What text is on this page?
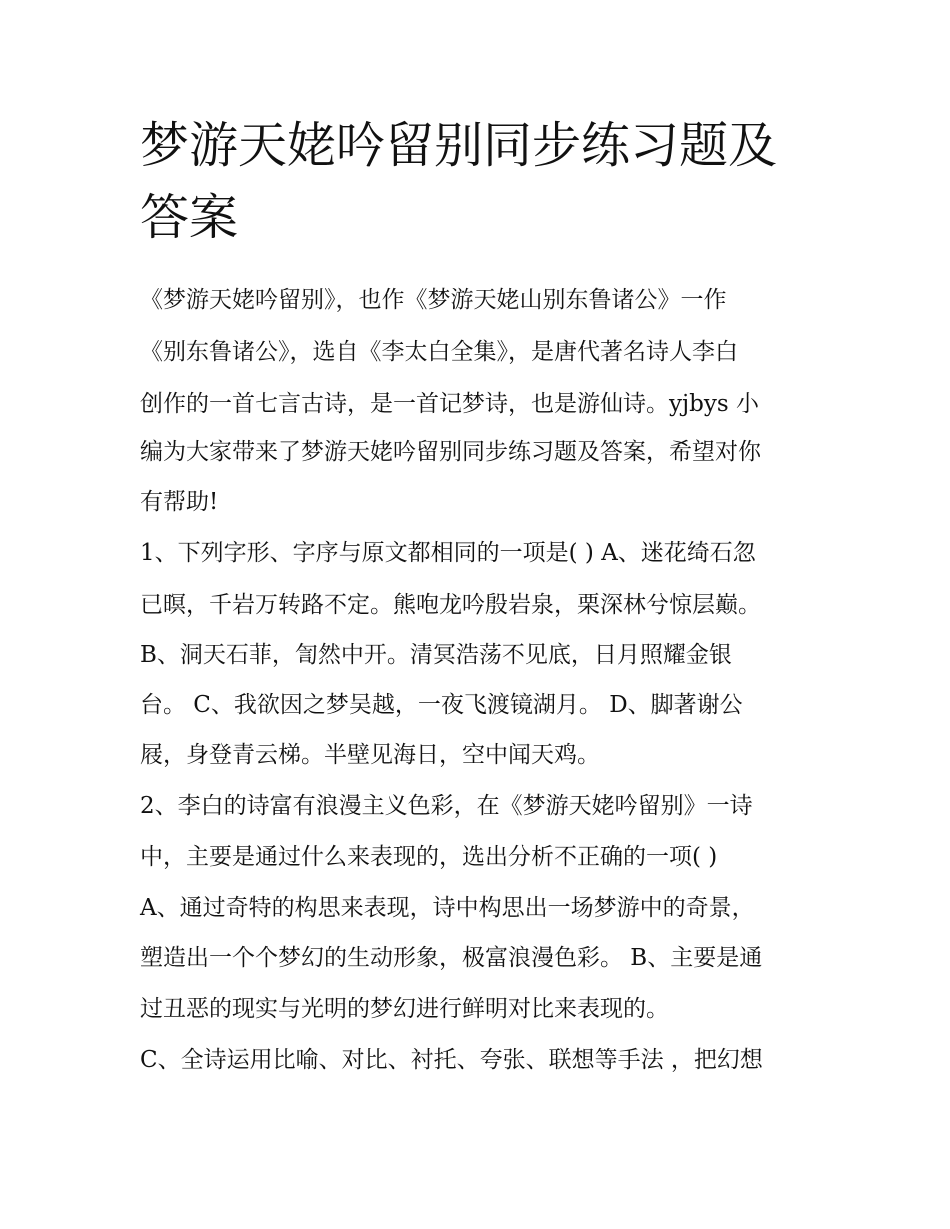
梦游天姥吟留别同步练习题及
答案

《梦游天姥吟留别》，也作《梦游天姥山别东鲁诸公》一作

《别东鲁诸公》，选自《李太白全集》，是唐代著名诗人李白

创作的一首七言古诗，是一首记梦诗，也是游仙诗。yjbys 小

编为大家带来了梦游天姥吟留别同步练习题及答案，希望对你

有帮助!

1、下列字形、字序与原文都相同的一项是( ) A、迷花绮石忽

已暝，千岩万转路不定。熊咆龙吟殷岩泉，栗深林兮惊层巅。

B、洞天石菲，訇然中开。清冥浩荡不见底，日月照耀金银

台。 C、我欲因之梦吴越，一夜飞渡镜湖月。 D、脚著谢公

屐，身登青云梯。半壁见海日，空中闻天鸡。

2、李白的诗富有浪漫主义色彩，在《梦游天姥吟留别》一诗

中，主要是通过什么来表现的，选出分析不正确的一项( )

A、通过奇特的构思来表现，诗中构思出一场梦游中的奇景，

塑造出一个个梦幻的生动形象，极富浪漫色彩。 B、主要是通

过丑恶的现实与光明的梦幻进行鲜明对比来表现的。

C、全诗运用比喻、对比、衬托、夸张、联想等手法 ，把幻想
